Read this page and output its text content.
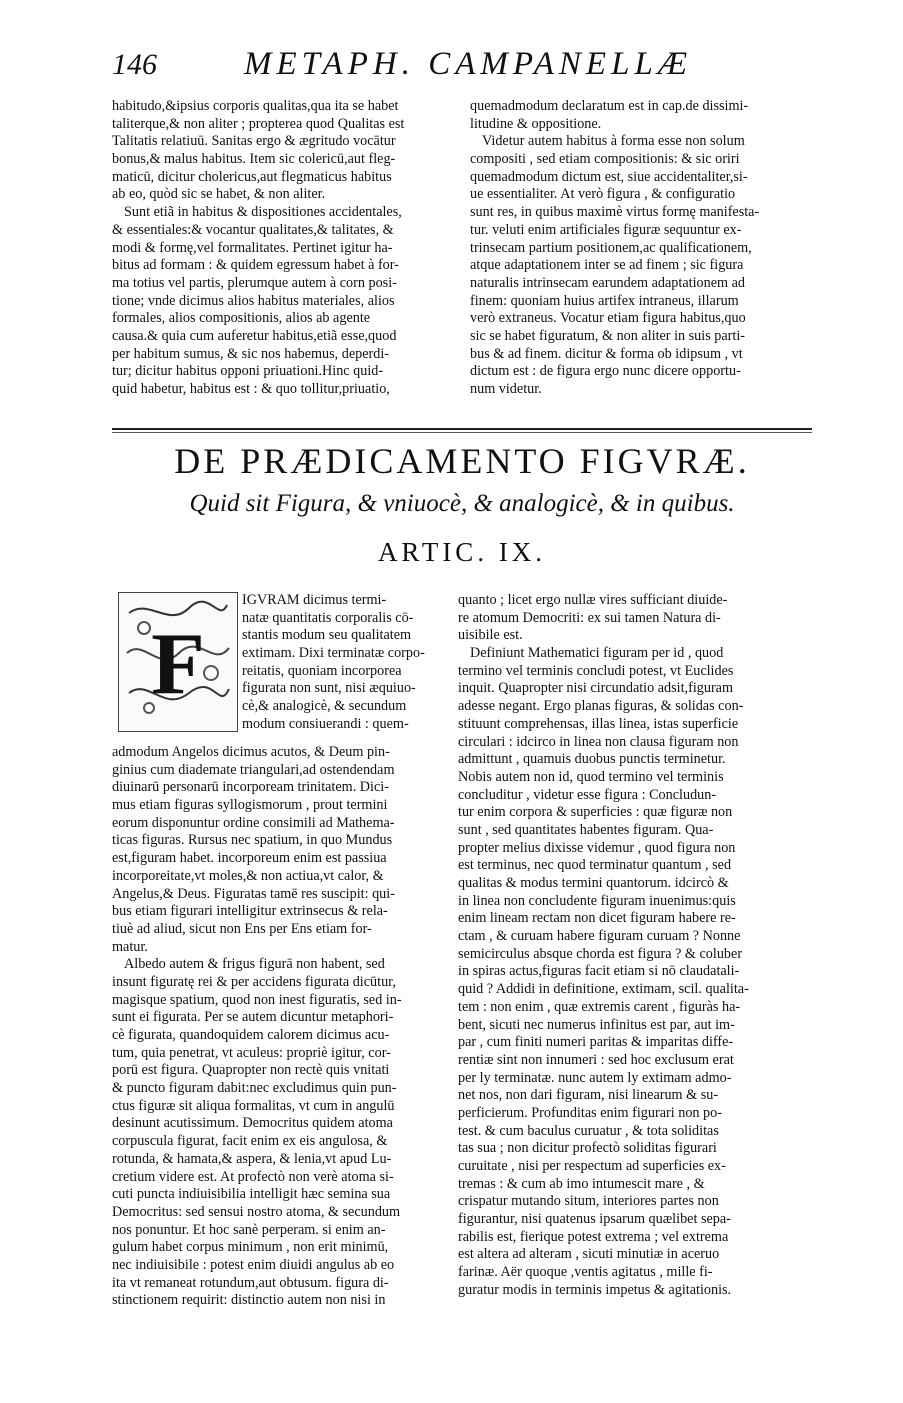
146	METAPH. CAMPANELLÆ
habitudo,&ipsius corporis qualitas,qua ita se habet
taliterque,& non aliter ; propterea quod Qualitas est
Talitatis relatiuū. Sanitas ergo & ægritudo vocātur
bonus,& malus habitus. Item sic colericū,aut fleg-
maticū, dicitur cholericus,aut flegmaticus habitus
ab eo, quòd sic se habet, & non aliter.
Sunt etiã in habitus & dispositiones accidentales,
& essentiales:& vocantur qualitates,& talitates, &
modi & formę,vel formalitates. Pertinet igitur ha-
bitus ad formam : & quidem egressum habet à for-
ma totius vel partis, plerumque autem à corn posi-
tione; vnde dicimus alios habitus materiales, alios
formales, alios compositionis, alios ab agente
causa.& quia cum auferetur habitus,etiã esse,quod
per habitum sumus, & sic nos habemus, deperdi-
tur; dicitur habitus opponi priuationi.Hinc quid-
quid habetur, habitus est : & quo tollitur,priuatio,
quemadmodum declaratum est in cap.de dissimi-
litudine & oppositione.
Videtur autem habitus à forma esse non solum
compositi , sed etiam compositionis: & sic oriri
quemadmodum dictum est, siue accidentaliter,si-
ue essentialiter. At verò figura , & configuratio
sunt res, in quibus maximè virtus formę manifesta-
tur. veluti enim artificiales figuræ sequuntur ex-
trinsecam partium positionem,ac qualificationem,
atque adaptationem inter se ad finem ; sic figura
naturalis intrinsecam earundem adaptationem ad
finem: quoniam huius artifex intraneus, illarum
verò extraneus. Vocatur etiam figura habitus,quo
sic se habet figuratum, & non aliter in suis parti-
bus & ad finem. dicitur & forma ob idipsum , vt
dictum est : de figura ergo nunc dicere opportu-
num videtur.
DE PRÆDICAMENTO FIGVRÆ.
Quid sit Figura, & vniuocè, & analogicè, & in quibus.
ARTIC. IX.
F
IGVRAM dicimus termi-
natæ quantitatis corporalis cō-
stantis modum seu qualitatem
extimam. Dixi terminatæ corpo-
reitatis, quoniam incorporea
figurata non sunt, nisi æquiuo-
cè,& analogicè, & secundum
modum consiuerandi : quem-
admodum Angelos dicimus acutos, & Deum pin-
ginius cum diademate triangulari,ad ostendendam
diuinarū personarū incorpoream trinitatem. Dici-
mus etiam figuras syllogismorum , prout termini
eorum disponuntur ordine consimili ad Mathema-
ticas figuras. Rursus nec spatium, in quo Mundus
est,figuram habet. incorporeum enim est passiua
incorporeitate,vt moles,& non actiua,vt calor, &
Angelus,& Deus. Figuratas tamē res suscipit: qui-
bus etiam figurari intelligitur extrinsecus & rela-
tiuè ad aliud, sicut non Ens per Ens etiam for-
matur.
Albedo autem & frigus figurā non habent, sed
insunt figuratę rei & per accidens figurata dicūtur,
magisque spatium, quod non inest figuratis, sed in-
sunt ei figurata. Per se autem dicuntur metaphori-
cè figurata, quandoquidem calorem dicimus acu-
tum, quia penetrat, vt aculeus: propriè igitur, cor-
porū est figura. Quapropter non rectè quis vnitati
& puncto figuram dabit:nec excludimus quin pun-
ctus figuræ sit aliqua formalitas, vt cum in angulū
desinunt acutissimum. Democritus quidem atoma
corpuscula figurat, facit enim ex eis angulosa, &
rotunda, & hamata,& aspera, & lenia,vt apud Lu-
cretium videre est. At profectò non verè atoma si-
cuti puncta indiuisibilia intelligit hæc semina sua
Democritus: sed sensui nostro atoma, & secundum
nos ponuntur. Et hoc sanè perperam. si enim an-
gulum habet corpus minimum , non erit minimū,
nec indiuisibile : potest enim diuidi angulus ab eo
ita vt remaneat rotundum,aut obtusum. figura di-
stinctionem requirit: distinctio autem non nisi in
quanto ; licet ergo nullæ vires sufficiant diuide-
re atomum Democriti: ex sui tamen Natura di-
uisibile est.
Definiunt Mathematici figuram per id , quod
termino vel terminis concludi potest, vt Euclides
inquit. Quapropter nisi circundatio adsit,figuram
adesse negant. Ergo planas figuras, & solidas con-
stituunt comprehensas, illas linea, istas superficie
circulari : idcirco in linea non clausa figuram non
admittunt , quamuis duobus punctis terminetur.
Nobis autem non id, quod termino vel terminis
concluditur , videtur esse figura : Concludun-
tur enim corpora & superficies : quæ figuræ non
sunt , sed quantitates habentes figuram. Qua-
propter melius dixisse videmur , quod figura non
est terminus, nec quod terminatur quantum , sed
qualitas & modus termini quantorum. idcircò &
in linea non concludente figuram inuenimus:quis
enim lineam rectam non dicet figuram habere re-
ctam , & curuam habere figuram curuam ? Nonne
semicirculus absque chorda est figura ? & coluber
in spiras actus,figuras facit etiam si nō claudatali-
quid ? Addidi in definitione, extimam, scil. qualita-
tem : non enim , quæ extremis carent , figuràs ha-
bent, sicuti nec numerus infinitus est par, aut im-
par , cum finiti numeri paritas & imparitas diffe-
rentiæ sint non innumeri : sed hoc exclusum erat
per ly terminatæ. nunc autem ly extimam admo-
net nos, non dari figuram, nisi linearum & su-
perficierum. Profunditas enim figurari non po-
test. & cum baculus curuatur , & tota soliditas
tas sua ; non dicitur profectò soliditas figurari
curuitate , nisi per respectum ad superficies ex-
tremas : & cum ab imo intumescit mare , &
crispatur mutando situm, interiores partes non
figurantur, nisi quatenus ipsarum quælibet sepa-
rabilis est, fierique potest extrema ; vel extrema
est altera ad alteram , sicuti minutiæ in aceruo
farinæ. Aër quoque ,ventis agitatus , mille fi-
guratur modis in terminis impetus & agitationis.
